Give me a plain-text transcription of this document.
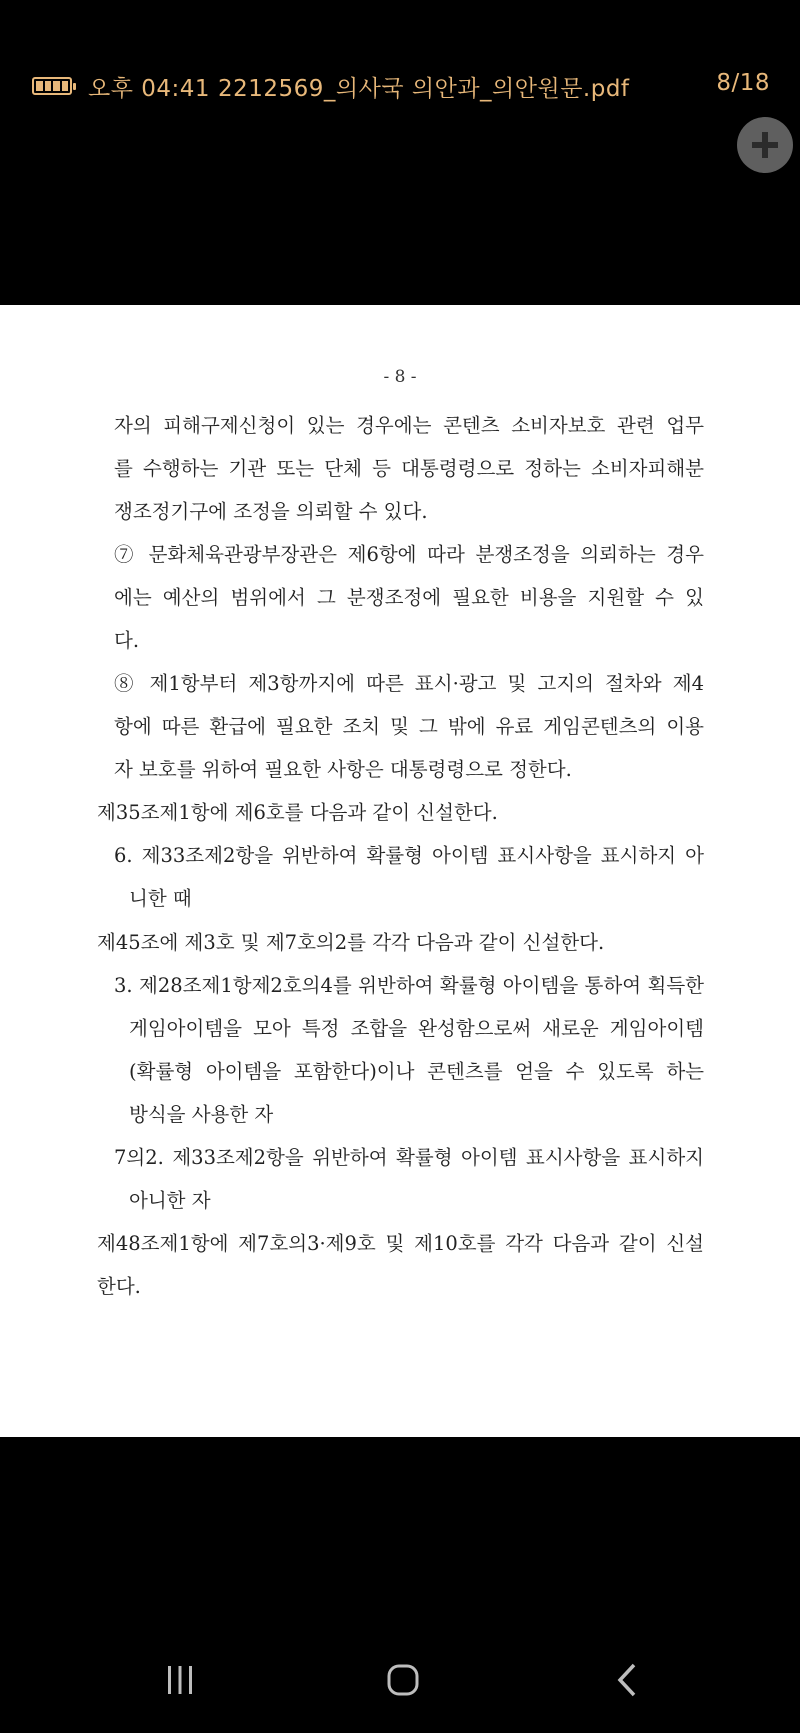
오후 04:41 2212569_의사국 의안과_의안원문.pdf	8/18
- 8 -
자의 피해구제신청이 있는 경우에는 콘텐츠 소비자보호 관련 업무
를 수행하는 기관 또는 단체 등 대통령령으로 정하는 소비자피해분
쟁조정기구에 조정을 의뢰할 수 있다.
⑦ 문화체육관광부장관은 제6항에 따라 분쟁조정을 의뢰하는 경우
에는 예산의 범위에서 그 분쟁조정에 필요한 비용을 지원할 수 있
다.
⑧ 제1항부터 제3항까지에 따른 표시·광고 및 고지의 절차와 제4
항에 따른 환급에 필요한 조치 및 그 밖에 유료 게임콘텐츠의 이용
자 보호를 위하여 필요한 사항은 대통령령으로 정한다.
제35조제1항에 제6호를 다음과 같이 신설한다.
6. 제33조제2항을 위반하여 확률형 아이템 표시사항을 표시하지 아
니한 때
제45조에 제3호 및 제7호의2를 각각 다음과 같이 신설한다.
3. 제28조제1항제2호의4를 위반하여 확률형 아이템을 통하여 획득한
게임아이템을 모아 특정 조합을 완성함으로써 새로운 게임아이템
(확률형 아이템을 포함한다)이나 콘텐츠를 얻을 수 있도록 하는
방식을 사용한 자
7의2. 제33조제2항을 위반하여 확률형 아이템 표시사항을 표시하지
아니한 자
제48조제1항에 제7호의3·제9호 및 제10호를 각각 다음과 같이 신설
한다.
